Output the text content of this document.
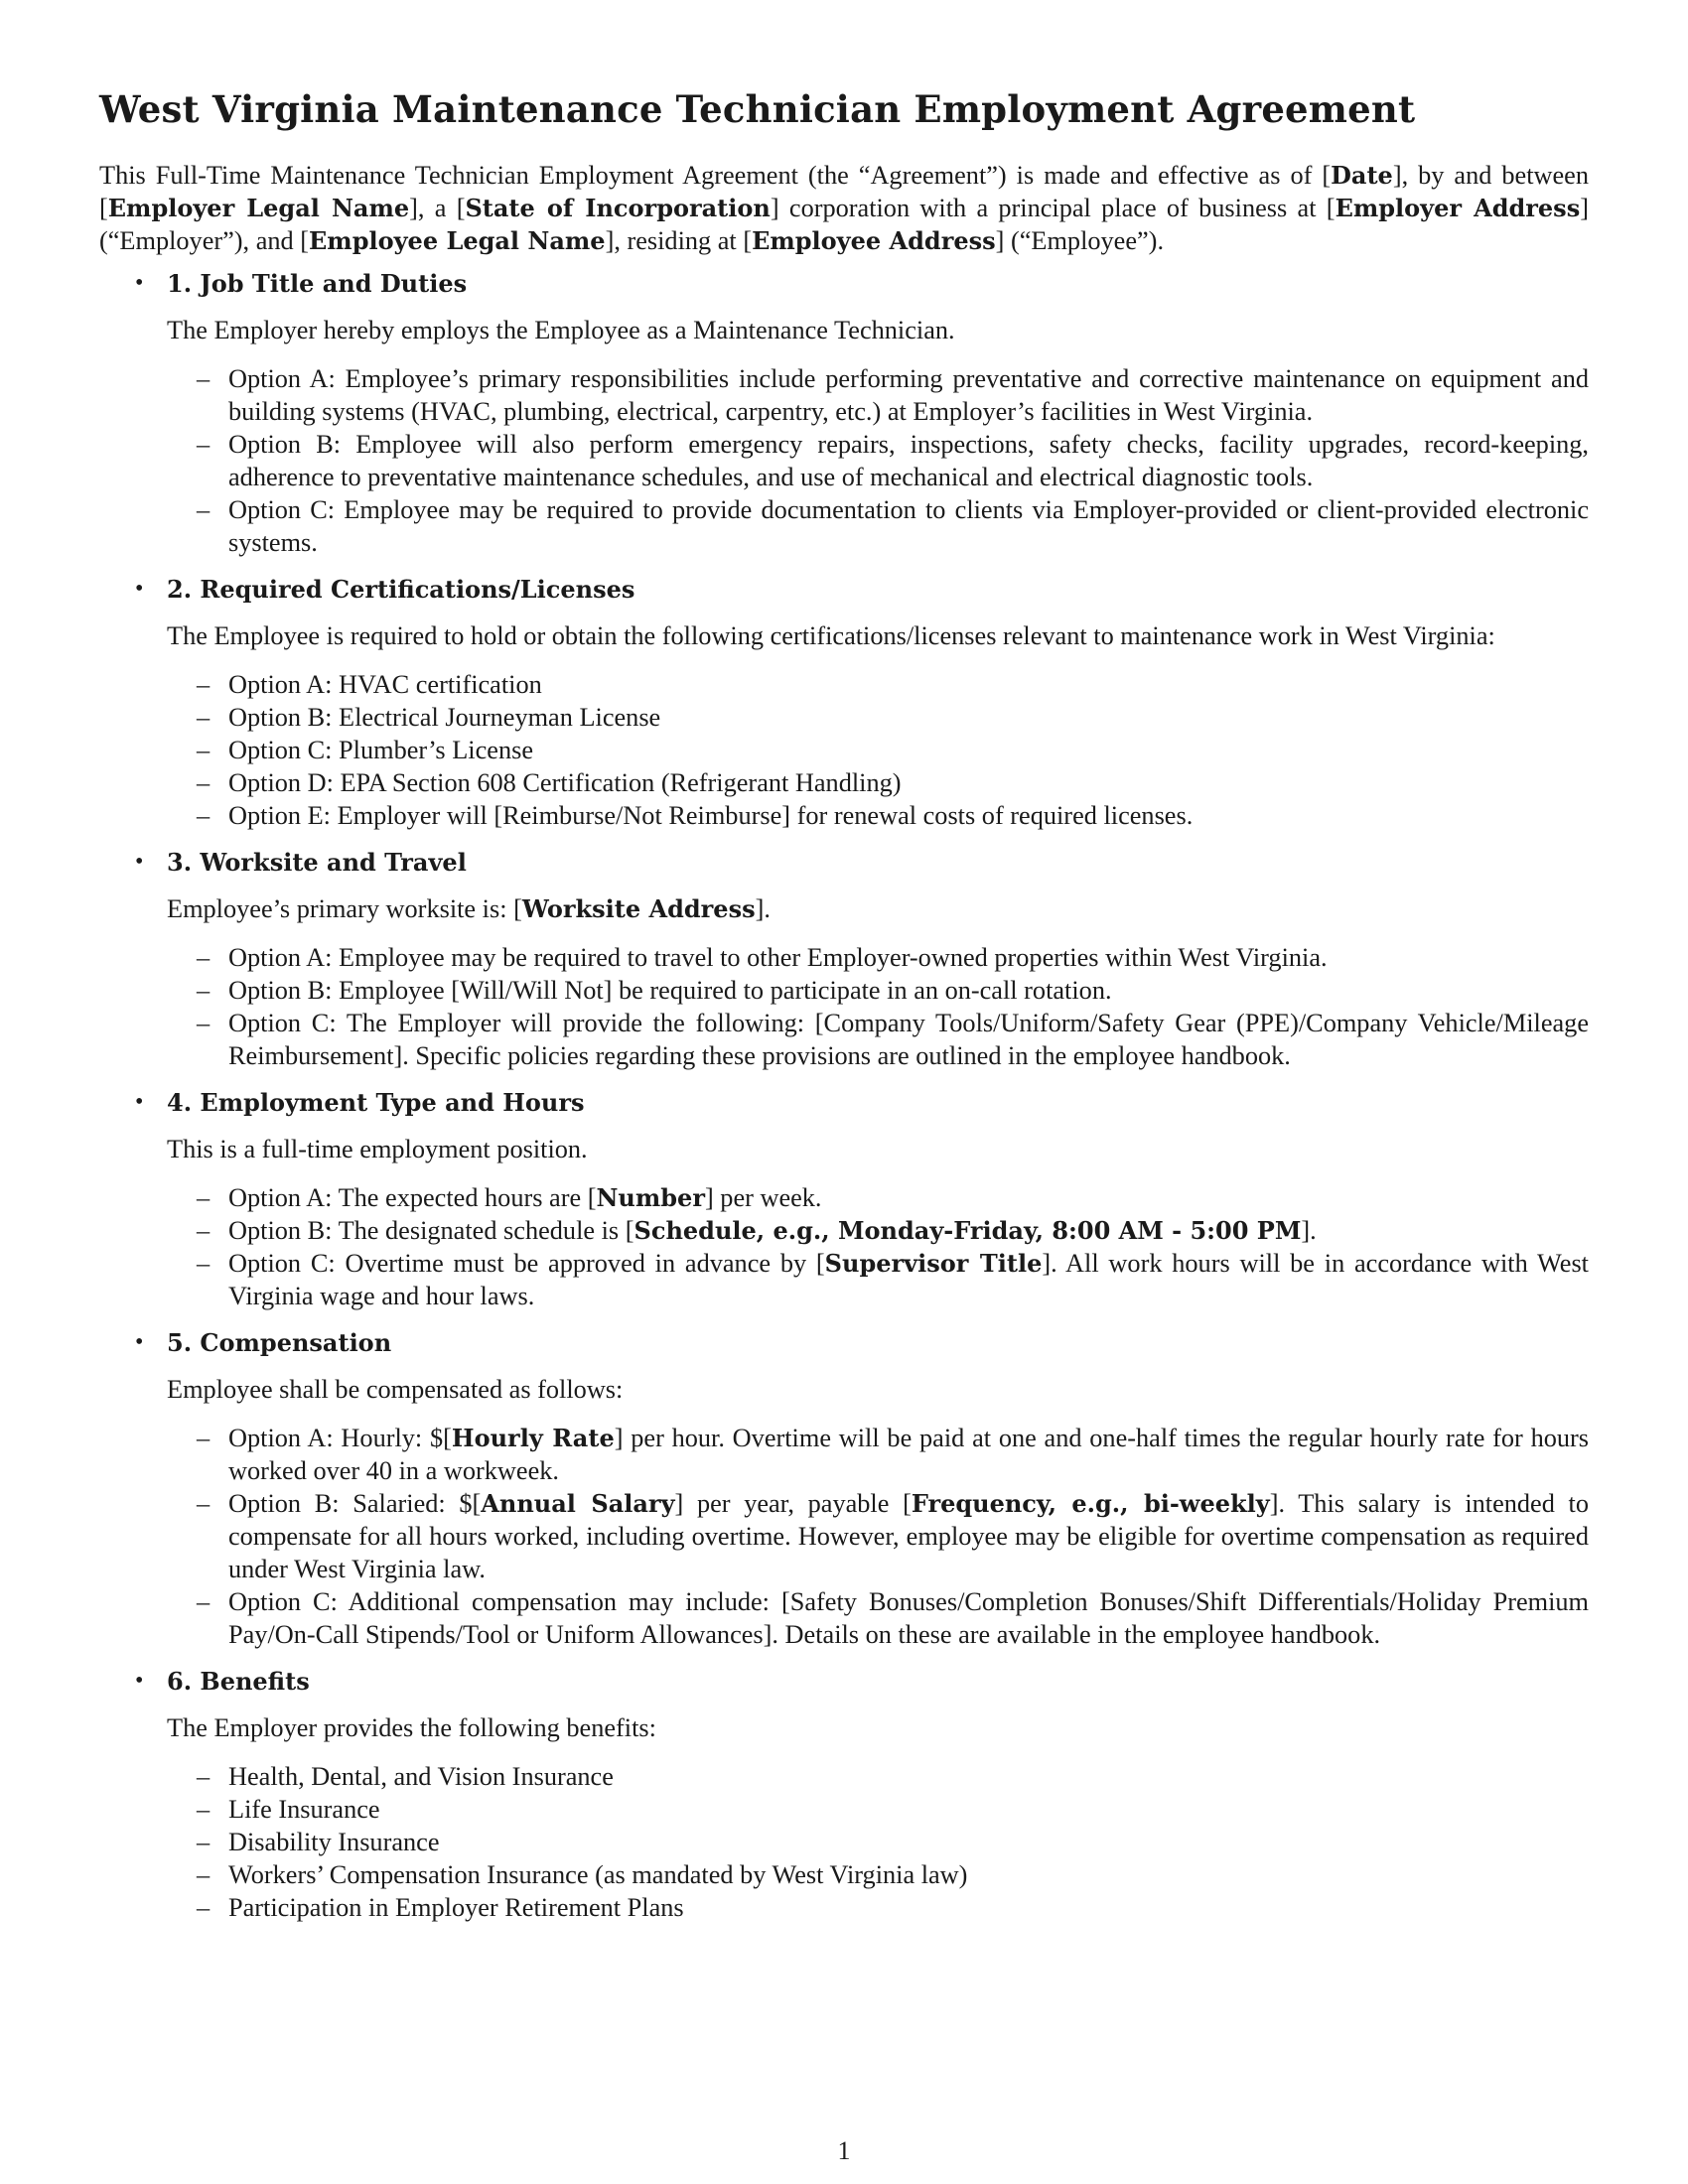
West Virginia Maintenance Technician Employment Agreement

This Full-Time Maintenance Technician Employment Agreement (the “Agreement”) is made and effective as of [Date], by and between [Employer Legal Name], a [State of Incorporation] corporation with a principal place of business at [Employer Address] (“Employer”), and [Employee Legal Name], residing at [Employee Address] (“Employee”).

• 1. Job Title and Duties

The Employer hereby employs the Employee as a Maintenance Technician.

– Option A: Employee’s primary responsibilities include performing preventative and corrective maintenance on equipment and building systems (HVAC, plumbing, electrical, carpentry, etc.) at Employer’s facilities in West Virginia.
– Option B: Employee will also perform emergency repairs, inspections, safety checks, facility upgrades, record-keeping, adherence to preventative maintenance schedules, and use of mechanical and electrical diagnostic tools.
– Option C: Employee may be required to provide documentation to clients via Employer-provided or client-provided electronic systems.
• 2. Required Certifications/Licenses

The Employee is required to hold or obtain the following certifications/licenses relevant to maintenance work in West Virginia:

– Option A: HVAC certification
– Option B: Electrical Journeyman License
– Option C: Plumber’s License
– Option D: EPA Section 608 Certification (Refrigerant Handling)
– Option E: Employer will [Reimburse/Not Reimburse] for renewal costs of required licenses.
• 3. Worksite and Travel

Employee’s primary worksite is: [Worksite Address].

– Option A: Employee may be required to travel to other Employer-owned properties within West Virginia.
– Option B: Employee [Will/Will Not] be required to participate in an on-call rotation.
– Option C: The Employer will provide the following: [Company Tools/Uniform/Safety Gear (PPE)/Company Vehicle/Mileage Reimbursement]. Specific policies regarding these provisions are outlined in the employee handbook.
• 4. Employment Type and Hours

This is a full-time employment position.

– Option A: The expected hours are [Number] per week.
– Option B: The designated schedule is [Schedule, e.g., Monday-Friday, 8:00 AM - 5:00 PM].
– Option C: Overtime must be approved in advance by [Supervisor Title]. All work hours will be in accordance with West Virginia wage and hour laws.
• 5. Compensation

Employee shall be compensated as follows:

– Option A: Hourly: $[Hourly Rate] per hour. Overtime will be paid at one and one-half times the regular hourly rate for hours worked over 40 in a workweek.
– Option B: Salaried: $[Annual Salary] per year, payable [Frequency, e.g., bi-weekly]. This salary is intended to compensate for all hours worked, including overtime. However, employee may be eligible for overtime compensation as required under West Virginia law.
– Option C: Additional compensation may include: [Safety Bonuses/Completion Bonuses/Shift Differentials/Holiday Premium Pay/On-Call Stipends/Tool or Uniform Allowances]. Details on these are available in the employee handbook.
• 6. Benefits

The Employer provides the following benefits:

– Health, Dental, and Vision Insurance
– Life Insurance
– Disability Insurance
– Workers’ Compensation Insurance (as mandated by West Virginia law)
– Participation in Employer Retirement Plans
1
